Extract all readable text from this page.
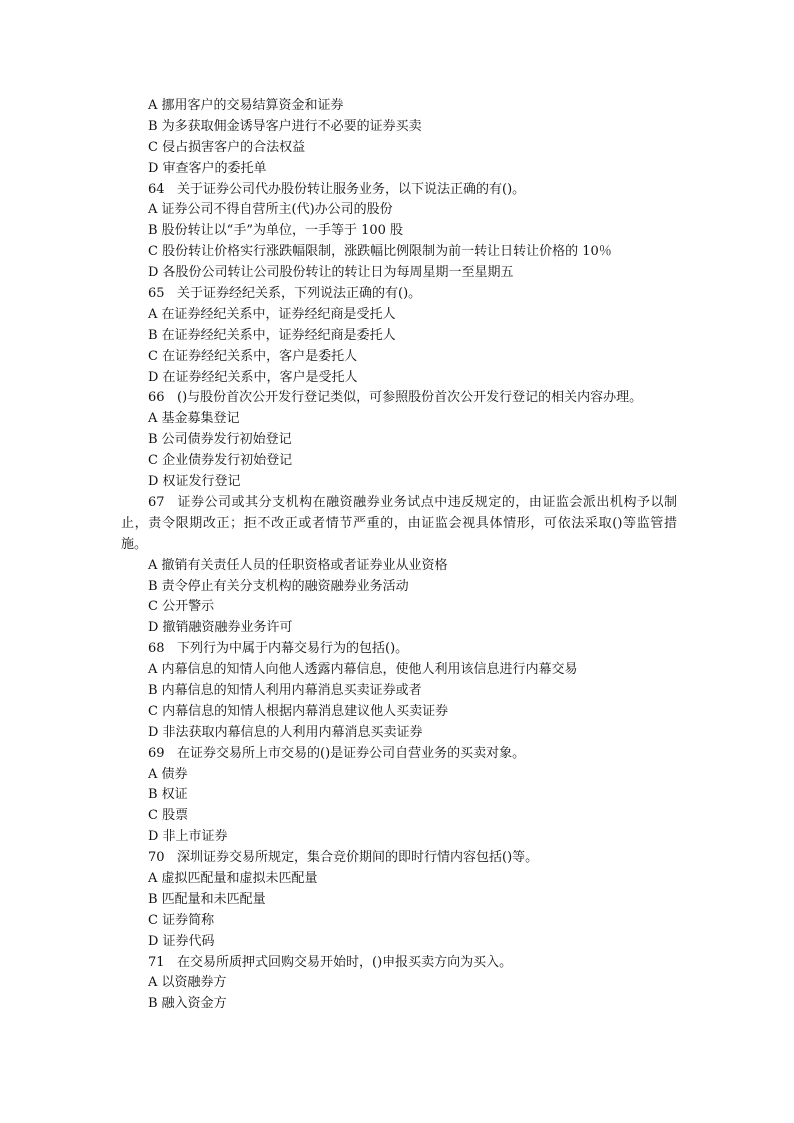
A 挪用客户的交易结算资金和证券
B 为多获取佣金诱导客户进行不必要的证券买卖
C 侵占损害客户的合法权益
D 审查客户的委托单
64 关于证券公司代办股份转让服务业务，以下说法正确的有()。
A 证券公司不得自营所主(代)办公司的股份
B 股份转让以“手”为单位，一手等于 100 股
C 股份转让价格实行涨跌幅限制，涨跌幅比例限制为前一转让日转让价格的 10％
D 各股份公司转让公司股份转让的转让日为每周星期一至星期五
65 关于证券经纪关系，下列说法正确的有()。
A 在证券经纪关系中，证券经纪商是受托人
B 在证券经纪关系中，证券经纪商是委托人
C 在证券经纪关系中，客户是委托人
D 在证券经纪关系中，客户是受托人
66 ()与股份首次公开发行登记类似，可参照股份首次公开发行登记的相关内容办理。
A 基金募集登记
B 公司债券发行初始登记
C 企业债券发行初始登记
D 权证发行登记
67 证券公司或其分支机构在融资融券业务试点中违反规定的，由证监会派出机构予以制止，责令限期改正；拒不改正或者情节严重的，由证监会视具体情形，可依法采取()等监管措施。
A 撤销有关责任人员的任职资格或者证券业从业资格
B 责令停止有关分支机构的融资融券业务活动
C 公开警示
D 撤销融资融券业务许可
68 下列行为中属于内幕交易行为的包括()。
A 内幕信息的知情人向他人透露内幕信息，使他人利用该信息进行内幕交易
B 内幕信息的知情人利用内幕消息买卖证券或者
C 内幕信息的知情人根据内幕消息建议他人买卖证券
D 非法获取内幕信息的人利用内幕消息买卖证券
69 在证券交易所上市交易的()是证券公司自营业务的买卖对象。
A 债券
B 权证
C 股票
D 非上市证券
70 深圳证券交易所规定，集合竞价期间的即时行情内容包括()等。
A 虚拟匹配量和虚拟未匹配量
B 匹配量和未匹配量
C 证券简称
D 证券代码
71 在交易所质押式回购交易开始时，()申报买卖方向为买入。
A 以资融券方
B 融入资金方
